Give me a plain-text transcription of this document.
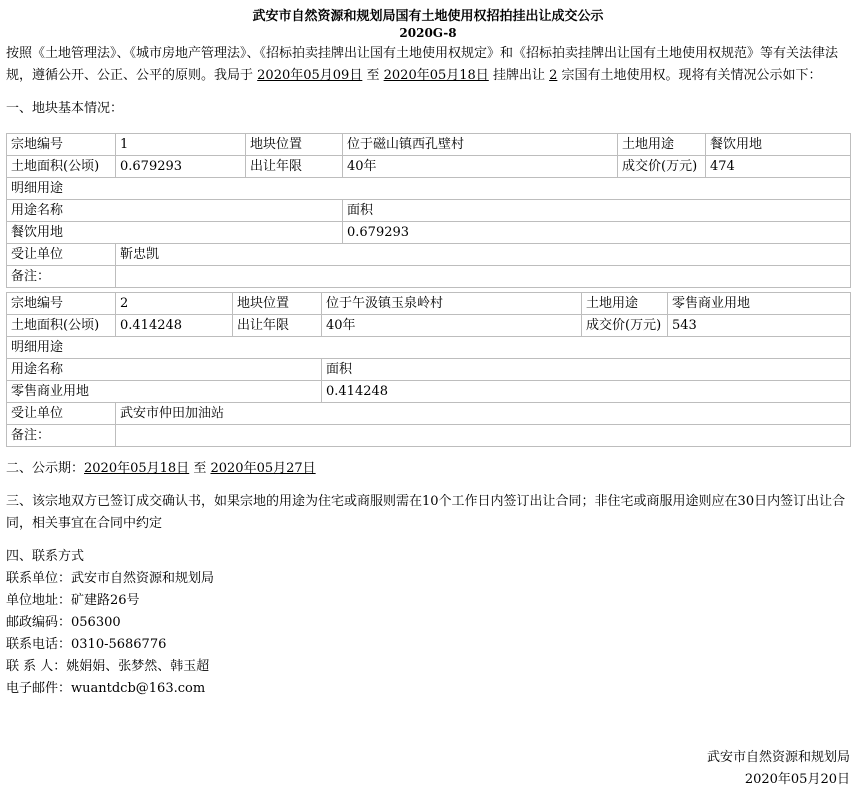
武安市自然资源和规划局国有土地使用权招拍挂出让成交公示
2020G-8

按照《土地管理法》、《城市房地产管理法》、《招标拍卖挂牌出让国有土地使用权规定》和《招标拍卖挂牌出让国有土地使用权规范》等有关法律法规，遵循公开、公正、公平的原则。我局于 2020年05月09日 至 2020年05月18日 挂牌出让 2 宗国有土地使用权。现将有关情况公示如下：

一、地块基本情况：

宗地编号	1	地块位置	位于磁山镇西孔壁村	土地用途	餐饮用地
土地面积(公顷)	0.679293	出让年限	40年	成交价(万元)	474
明细用途					
用途名称			面积		
餐饮用地			0.679293		
受让单位	靳忠凯				
备注：					
宗地编号	2	地块位置	位于午汲镇玉泉岭村	土地用途	零售商业用地
土地面积(公顷)	0.414248	出让年限	40年	成交价(万元)	543
明细用途					
用途名称			面积		
零售商业用地			0.414248		
受让单位	武安市仲田加油站				
备注：					

二、公示期：2020年05月18日 至 2020年05月27日

三、该宗地双方已签订成交确认书，如果宗地的用途为住宅或商服则需在10个工作日内签订出让合同；非住宅或商服用途则应在30日内签订出让合同，相关事宜在合同中约定

四、联系方式

联系单位：武安市自然资源和规划局

单位地址：矿建路26号

邮政编码：056300

联系电话：0310-5686776

联 系 人：姚娟娟、张梦然、韩玉超

电子邮件：wuantdcb@163.com

武安市自然资源和规划局
2020年05月20日
